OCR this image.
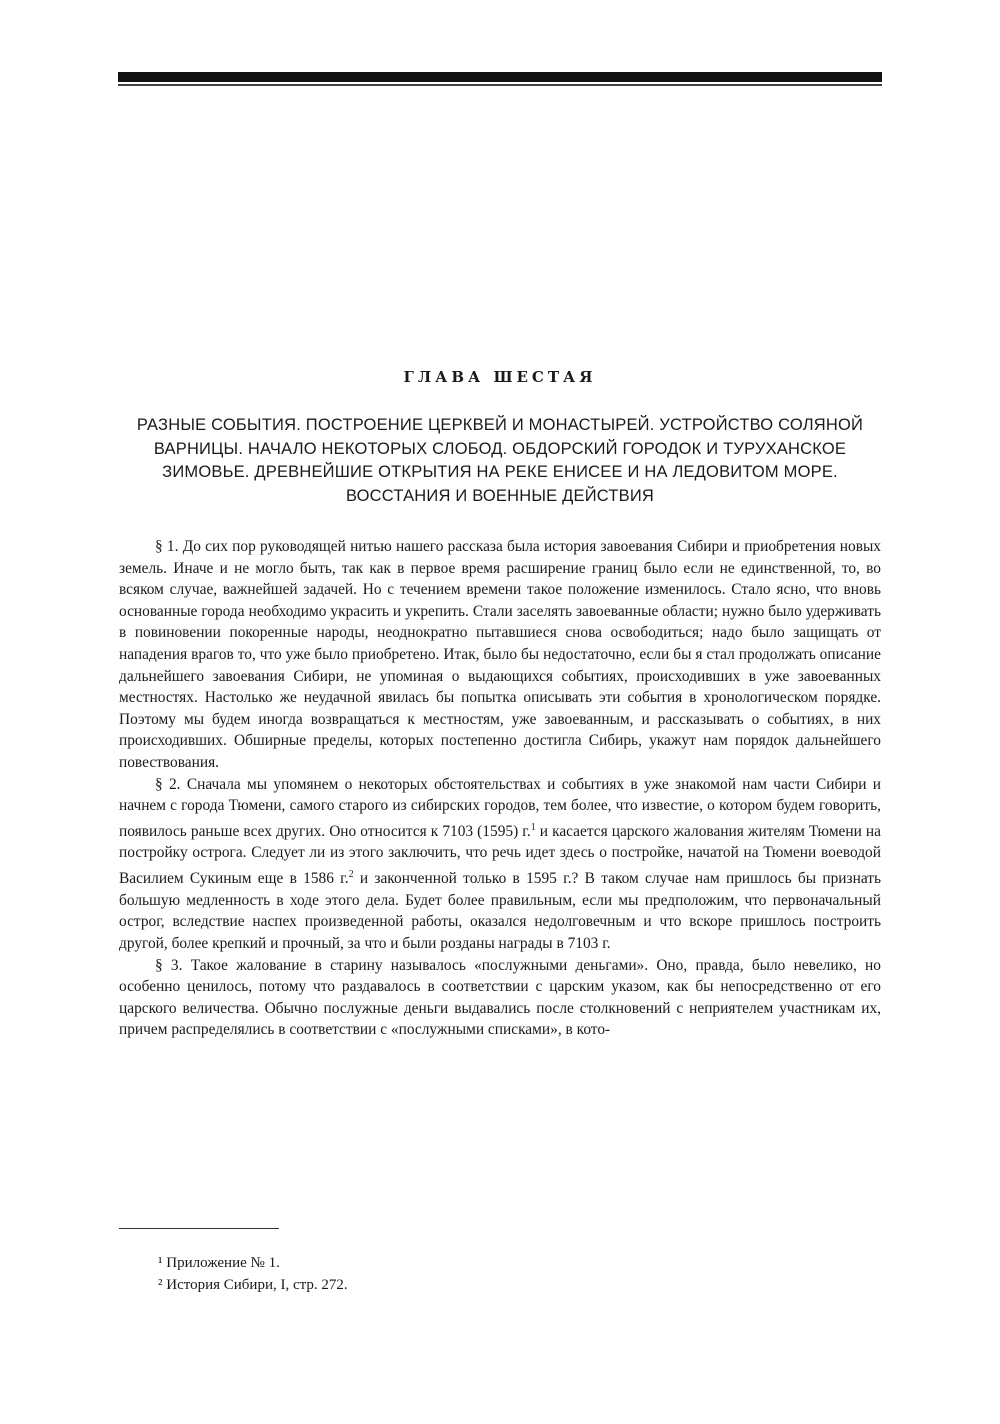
ГЛАВА ШЕСТАЯ
РАЗНЫЕ СОБЫТИЯ. ПОСТРОЕНИЕ ЦЕРКВЕЙ И МОНАСТЫРЕЙ. УСТРОЙСТВО СОЛЯНОЙ ВАРНИЦЫ. НАЧАЛО НЕКОТОРЫХ СЛОБОД. ОБДОРСКИЙ ГОРОДОК И ТУРУХАНСКОЕ ЗИМОВЬЕ. ДРЕВНЕЙШИЕ ОТКРЫТИЯ НА РЕКЕ ЕНИСЕЕ И НА ЛЕДОВИТОМ МОРЕ. ВОССТАНИЯ И ВОЕННЫЕ ДЕЙСТВИЯ

§ 1. До сих пор руководящей нитью нашего рассказа была история завоевания Сибири и приобретения новых земель. Иначе и не могло быть, так как в первое время расширение границ было если не единственной, то, во всяком случае, важнейшей задачей. Но с течением времени такое положение изменилось. Стало ясно, что вновь основанные города необходимо украсить и укрепить. Стали заселять завоеванные области; нужно было удерживать в повиновении покоренные народы, неоднократно пытавшиеся снова освободиться; надо было защищать от нападения врагов то, что уже было приобретено. Итак, было бы недостаточно, если бы я стал продолжать описание дальнейшего завоевания Сибири, не упоминая о выдающихся событиях, происходивших в уже завоеванных местностях. Настолько же неудачной явилась бы попытка описывать эти события в хронологическом порядке. Поэтому мы будем иногда возвращаться к местностям, уже завоеванным, и рассказывать о событиях, в них происходивших. Обширные пределы, которых постепенно достигла Сибирь, укажут нам порядок дальнейшего повествования.

§ 2. Сначала мы упомянем о некоторых обстоятельствах и событиях в уже знакомой нам части Сибири и начнем с города Тюмени, самого старого из сибирских городов, тем более, что известие, о котором будем говорить, появилось раньше всех других. Оно относится к 7103 (1595) г.$^1$ и касается царского жалования жителям Тюмени на постройку острога. Следует ли из этого заключить, что речь идет здесь о постройке, начатой на Тюмени воеводой Василием Сукиным еще в 1586 г.$^2$ и законченной только в 1595 г.? В таком случае нам пришлось бы признать большую медленность в ходе этого дела. Будет более правильным, если мы предположим, что первоначальный острог, вследствие наспех произведенной работы, оказался недолговечным и что вскоре пришлось построить другой, более крепкий и прочный, за что и были розданы награды в 7103 г.

§ 3. Такое жалование в старину называлось «послужными деньгами». Оно, правда, было невелико, но особенно ценилось, потому что раздавалось в соответствии с царским указом, как бы непосредственно от его царского величества. Обычно послужные деньги выдавались после столкновений с неприятелем участникам их, причем распределялись в соответствии с «послужными списками», в кото-

¹ Приложение № 1.
² История Сибири, I, стр. 272.
